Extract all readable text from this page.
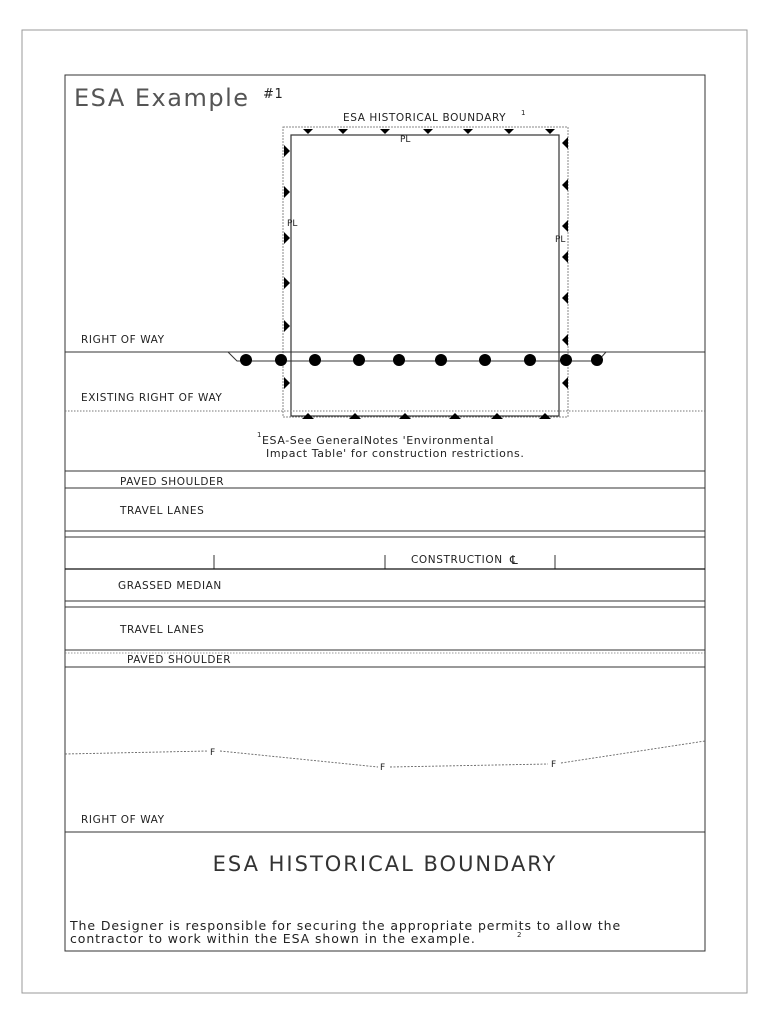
ESA Example #1
ESA HISTORICAL BOUNDARY 1
PL
PL
PL
RIGHT OF WAY
EXISTING RIGHT OF WAY
1 ESA-See GeneralNotes 'Environmental
Impact Table' for construction restrictions.
PAVED SHOULDER
TRAVEL LANES
CONSTRUCTION ℄
GRASSED MEDIAN
TRAVEL LANES
PAVED SHOULDER
F
F	F
RIGHT OF WAY
ESA HISTORICAL BOUNDARY
The Designer is responsible for securing the appropriate permits to allow the
contractor to work within the ESA shown in the example.	2
